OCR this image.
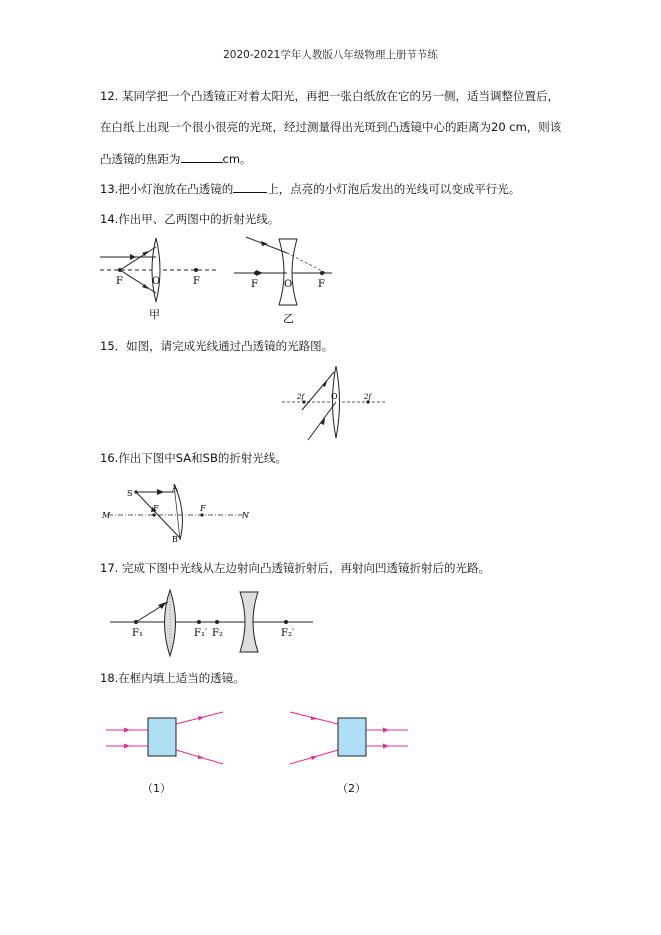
2020-2021学年人教版八年级物理上册节节练
12. 某同学把一个凸透镜正对着太阳光，再把一张白纸放在它的另一侧，适当调整位置后，
在白纸上出现一个很小很亮的光斑，经过测量得出光斑到凸透镜中心的距离为20 cm，则该
凸透镜的焦距为	cm。
13.把小灯泡放在凸透镜的	上，点亮的小灯泡后发出的光线可以变成平行光。
14.作出甲、乙两图中的折射光线。
F	F
O
甲
F	F
O
乙
15．如图，请完成光线通过凸透镜的光路图。
2f	2f
O
16.作出下图中SA和SB的折射光线。
S
A
B
F	F
M	N
17. 完成下图中光线从左边射向凸透镜折射后，再射向凹透镜折射后的光路。
F₁	F₁′ F₂	F₂′
18.在框内填上适当的透镜。
（1）	（2）
